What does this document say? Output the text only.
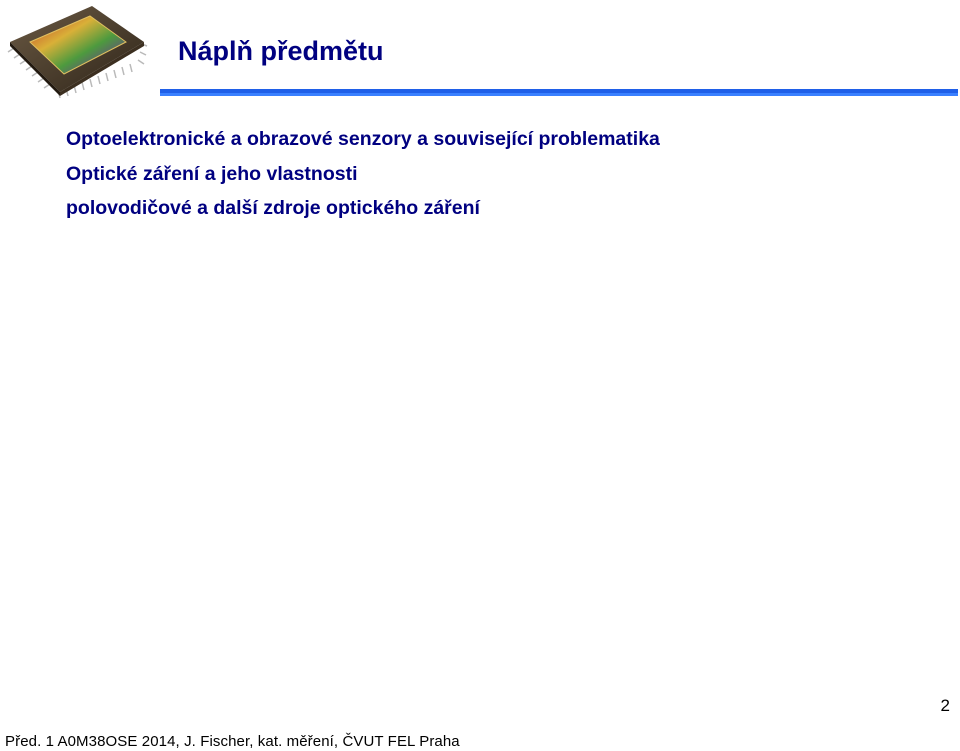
Náplň předmětu
Optoelektronické a obrazové senzory a související problematika
Optické záření a jeho vlastnosti
polovodičové a další zdroje optického záření
2
Před. 1 A0M38OSE 2014, J. Fischer, kat. měření, ČVUT FEL Praha
